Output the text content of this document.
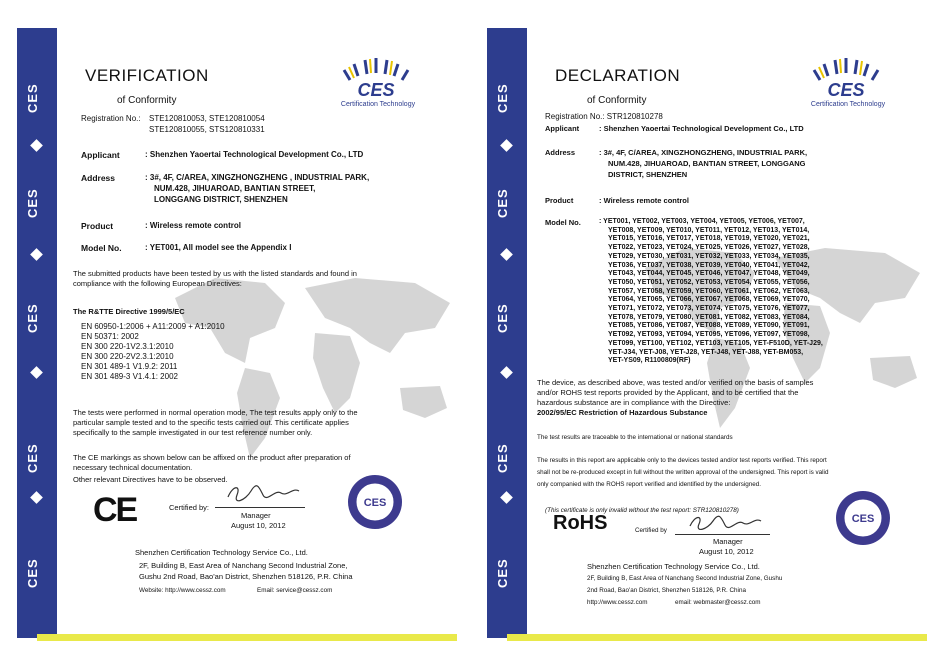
CES
CES
CES
CES
CES
VERIFICATION
of Conformity
CES
Certification Technology
Registration No.: STE120810053, STE120810054
STE120810055, STS120810331
Applicant	: Shenzhen Yaoertai Technological Development Co., LTD
Address	: 3#, 4F, C/AREA, XINGZHONGZHENG , INDUSTRIAL PARK,
NUM.428, JIHUAROAD, BANTIAN STREET,
LONGGANG DISTRICT, SHENZHEN
Product	: Wireless remote control
Model No.	: YET001, All model see the Appendix I
The submitted products have been tested by us with the listed standards and found in
compliance with the following European Directives:
The R&TTE Directive 1999/5/EC
EN 60950-1:2006 + A11:2009 + A1:2010
EN 50371: 2002
EN 300 220-1V2.3.1:2010
EN 300 220-2V2.3.1:2010
EN 301 489-1 V1.9.2: 2011
EN 301 489-3 V1.4.1: 2002
The tests were performed in normal operation mode, The test results apply only to the
particular sample tested and to the specific tests carried out. This certificate applies
specifically to the sample investigated in our test reference number only.
The CE markings as shown below can be affixed on the product after preparation of
necessary technical documentation.
Other relevant Directives have to be observed.
CE	Certified by:
Manager
August 10, 2012
CES
Shenzhen Certification Technology Service Co., Ltd.
2F, Building B, East Area of Nanchang Second Industrial Zone,
Gushu 2nd Road, Bao'an District, Shenzhen 518126, P.R. China
Website: http://www.cessz.com	Email: service@cessz.com
CES
CES
CES
CES
CES
DECLARATION
of Conformity
CES
Certification Technology
Registration No.: STR120810278
Applicant	: Shenzhen Yaoertai Technological Development Co., LTD
Address	: 3#, 4F, C/AREA, XINGZHONGZHENG, INDUSTRIAL PARK,
NUM.428, JIHUAROAD, BANTIAN STREET, LONGGANG
DISTRICT, SHENZHEN
Product	: Wireless remote control
Model No.	: YET001, YET002, YET003, YET004, YET005, YET006, YET007,
YET008, YET009, YET010, YET011, YET012, YET013, YET014,
YET015, YET016, YET017, YET018, YET019, YET020, YET021,
YET022, YET023, YET024, YET025, YET026, YET027, YET028,
YET029, YET030, YET031, YET032, YET033, YET034, YET035,
YET036, YET037, YET038, YET039, YET040, YET041, YET042,
YET043, YET044, YET045, YET046, YET047, YET048, YET049,
YET050, YET051, YET052, YET053, YET054, YET055, YET056,
YET057, YET058, YET059, YET060, YET061, YET062, YET063,
YET064, YET065, YET066, YET067, YET068, YET069, YET070,
YET071, YET072, YET073, YET074, YET075, YET076, YET077,
YET078, YET079, YET080, YET081, YET082, YET083, YET084,
YET085, YET086, YET087, YET088, YET089, YET090, YET091,
YET092, YET093, YET094, YET095, YET096, YET097, YET098,
YET099, YET100, YET102, YET103, YET105, YET-F510D, YET-J29,
YET-J34, YET-J08, YET-J28, YET-J48, YET-J88, YET-BM053,
YET-YS09, R1100809(RF)
The device, as described above, was tested and/or verified on the basis of samples
and/or ROHS test reports provided by the Applicant, and to be certified that the
hazardous substance are in compliance with the Directive:
2002/95/EC Restriction of Hazardous Substance
The test results are traceable to the international or national standards
The results in this report are applicable only to the devices tested and/or test reports verified. This report
shall not be re-produced except in full without the written approval of the undersigned. This report is valid
only companied with the ROHS report verified and identified by the undersigned.
(This certificate is only invalid without the test report: STR120810278)
RoHS	Certified by
Manager
August 10, 2012
CES
Shenzhen Certification Technology Service Co., Ltd.
2F, Building B, East Area of Nanchang Second Industrial Zone, Gushu
2nd Road, Bao'an District, Shenzhen 518126, P.R. China
http://www.cessz.com	email: webmaster@cessz.com
